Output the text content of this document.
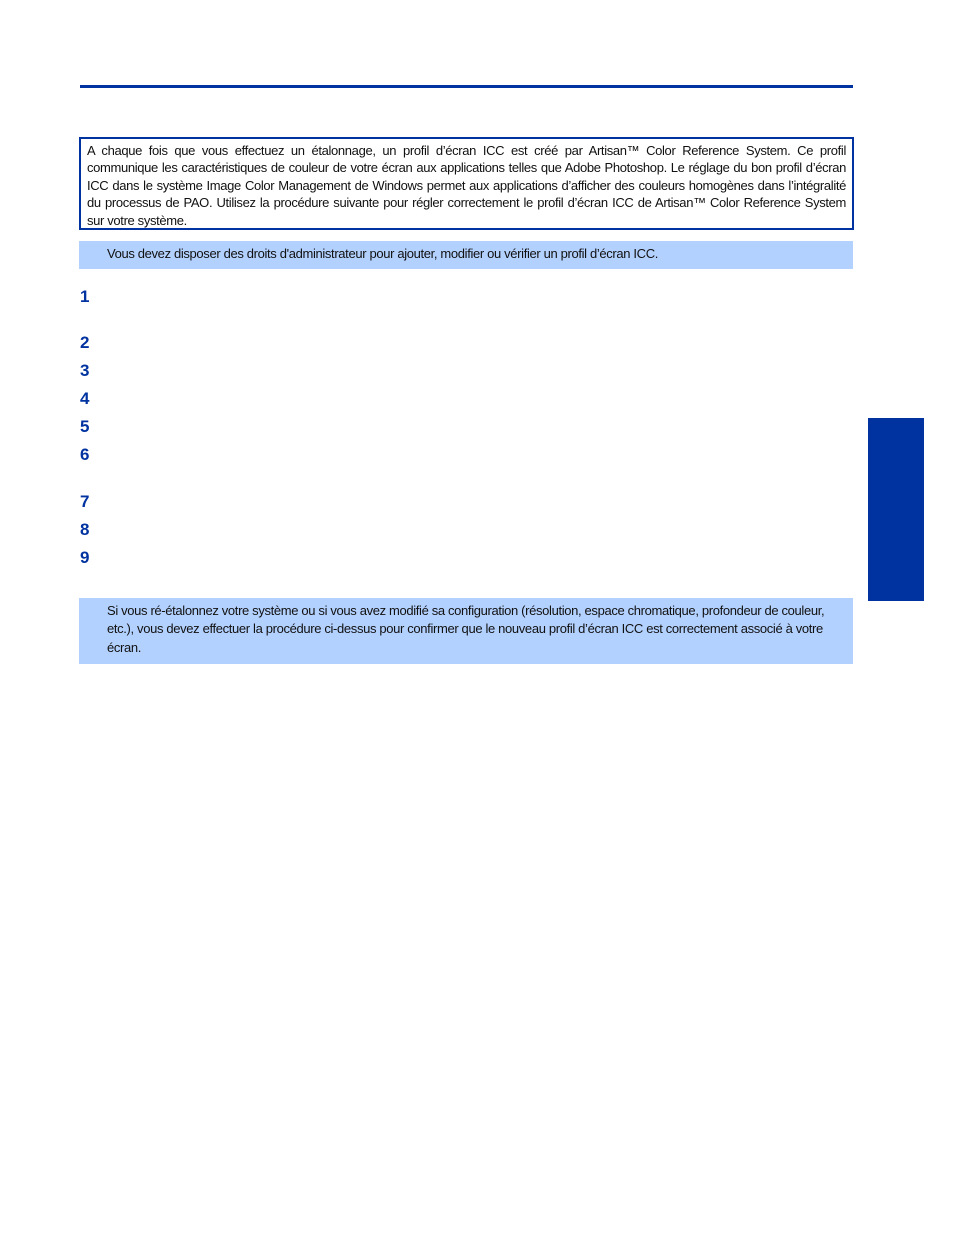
A chaque fois que vous effectuez un étalonnage, un profil d’écran ICC est créé par Artisan™ Color Reference System. Ce profil communique les caractéristiques de couleur de votre écran aux applications telles que Adobe Photoshop. Le réglage du bon profil d’écran ICC dans le système Image Color Management de Windows permet aux applications d’afficher des couleurs homogènes dans l’intégralité du processus de PAO. Utilisez la procédure suivante pour régler correctement le profil d’écran ICC de Artisan™ Color Reference System sur votre système.

Vous devez disposer des droits d'administrateur pour ajouter, modifier ou vérifier un profil d’écran ICC.

1
2
3
4
5
6
7
8
9

Si vous ré-étalonnez votre système ou si vous avez modifié sa configuration (résolution, espace chromatique, profondeur de couleur, etc.), vous devez effectuer la procédure ci-dessus pour confirmer que le nouveau profil d’écran ICC est correctement associé à votre écran.
